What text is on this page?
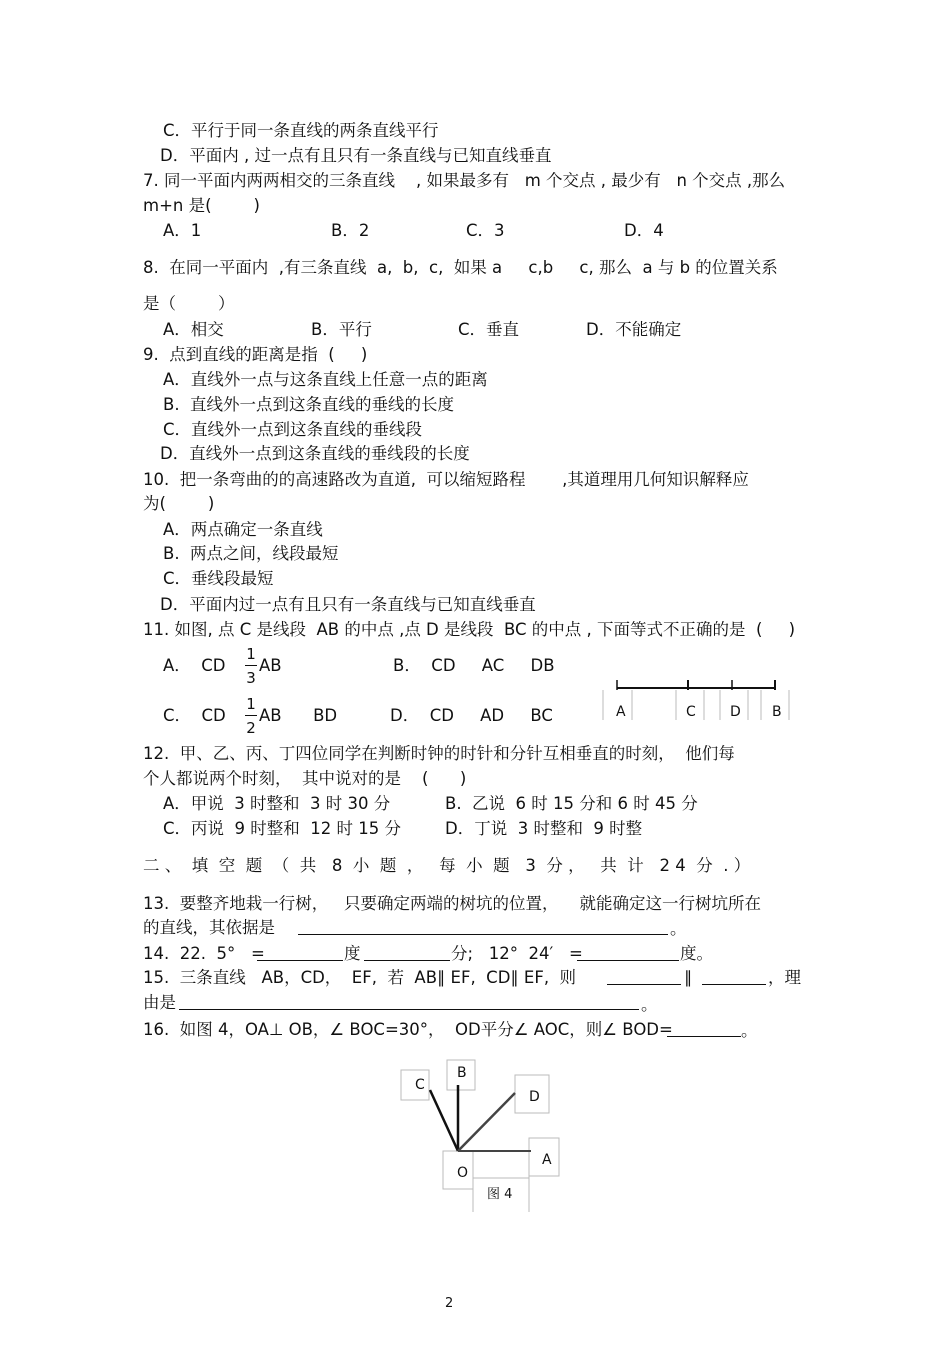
C．平行于同一条直线的两条直线平行
D．平面内 , 过一点有且只有一条直线与已知直线垂直
7. 同一平面内两两相交的三条直线    , 如果最多有   m 个交点 , 最少有   n 个交点 ,那么
m+n 是(        )
A．1	B．2	C．3	D．4
8.  在同一平面内  ,有三条直线  a,  b,  c,  如果 a     c,b     c, 那么  a 与 b 的位置关系
是（        ）
A．相交	B．平行	C．垂直	D．不能确定
9.  点到直线的距离是指  (     )
A．直线外一点与这条直线上任意一点的距离
B.  直线外一点到这条直线的垂线的长度
C．直线外一点到这条直线的垂线段
D．直线外一点到这条直线的垂线段的长度
10.  把一条弯曲的的高速路改为直道,  可以缩短路程       ,其道理用几何知识解释应
为(        )
A．两点确定一条直线
B.  两点之间，线段最短
C．垂线段最短
D．平面内过一点有且只有一条直线与已知直线垂直
11. 如图, 点 C 是线段  AB 的中点 ,点 D 是线段  BC 的中点 , 下面等式不正确的是  (     )
A．  CD
1
3
AB	B．  CD     AC     DB
C．  CD
1
2
AB      BD	D．  CD     AD     BC	A	C D B
12.  甲、乙、丙、丁四位同学在判断时钟的时针和分针互相垂直的时刻，  他们每
个人都说两个时刻，  其中说对的是    (      )
A．甲说  3 时整和  3 时 30 分	B.  乙说  6 时 15 分和 6 时 45 分
C．丙说  9 时整和  12 时 15 分	D．丁说  3 时整和  9 时整
二 、  填  空  题  （  共   8  小  题  ，   每  小  题   3  分 ，   共  计   2 4  分  . ）
13.  要整齐地栽一行树，   只要确定两端的树坑的位置，    就能确定这一行树坑所在
的直线，其依据是	。
14.  22.  5°   =	度	分;   12°  24′   =	度。
15.  三条直线   AB，CD，  EF,  若  AB∥ EF,  CD∥ EF,  则	∥	，理
由是	。
16.  如图 4，OA⊥ OB，∠ BOC=30°，  OD平分∠ AOC，则∠ BOD=	。
C
B
D
A
O
图 4
2
